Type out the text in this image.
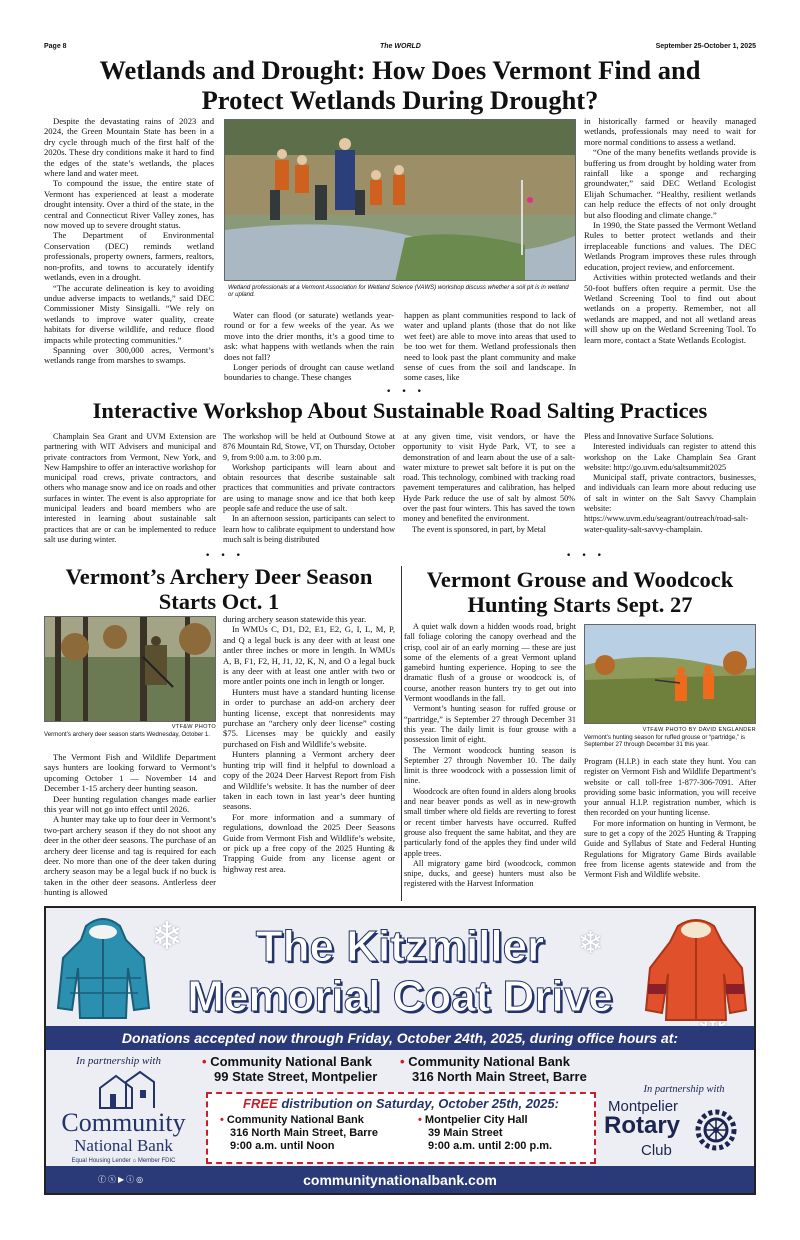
Page 8	The WORLD	September 25-October 1, 2025
Wetlands and Drought: How Does Vermont Find and Protect Wetlands During Drought?

Despite the devastating rains of 2023 and 2024, the Green Mountain State has been in a dry cycle through much of the first half of the 2020s. These dry conditions make it hard to find the edges of the state’s wetlands, the places where land and water meet.

To compound the issue, the entire state of Vermont has experienced at least a moderate drought intensity. Over a third of the state, in the central and Connecticut River Valley zones, has now moved up to severe drought status.

The Department of Environmental Conservation (DEC) reminds wetland professionals, property owners, farmers, realtors, non-profits, and towns to accurately identify wetlands, even in a drought.

“The accurate delineation is key to avoiding undue adverse impacts to wetlands,” said DEC Commissioner Misty Sinsigalli. “We rely on wetlands to improve water quality, create habitats for diverse wildlife, and reduce flood impacts while protecting communities.”

Spanning over 300,000 acres, Vermont’s wetlands range from marshes to swamps.

Wetland professionals at a Vermont Association for Wetland Science (VAWS) workshop discuss whether a soil pit is in wetland or upland.

Water can flood (or saturate) wetlands year-round or for a few weeks of the year. As we move into the drier months, it’s a good time to ask: what happens with wetlands when the rain does not fall?

Longer periods of drought can cause wetland boundaries to change. These changes

happen as plant communities respond to lack of water and upland plants (those that do not like wet feet) are able to move into areas that used to be too wet for them. Wetland professionals then need to look past the plant community and make sense of cues from the soil and landscape. In some cases, like

in historically farmed or heavily managed wetlands, professionals may need to wait for more normal conditions to assess a wetland.

“One of the many benefits wetlands provide is buffering us from drought by holding water from rainfall like a sponge and recharging groundwater,” said DEC Wetland Ecologist Elijah Schumacher. “Healthy, resilient wetlands can help reduce the effects of not only drought but also flooding and climate change.”

In 1990, the State passed the Vermont Wetland Rules to better protect wetlands and their irreplaceable functions and values. The DEC Wetlands Program improves these rules through education, project review, and enforcement.

Activities within protected wetlands and their 50-foot buffers often require a permit. Use the Wetland Screening Tool to find out about wetlands on a property. Remember, not all wetlands are mapped, and not all wetland areas will show up on the Wetland Screening Tool. To learn more, contact a State Wetlands Ecologist.

· · ·
Interactive Workshop About Sustainable Road Salting Practices

Champlain Sea Grant and UVM Extension are partnering with WIT Advisers and municipal and private contractors from Vermont, New York, and New Hampshire to offer an interactive workshop for municipal road crews, private contractors, and others who manage snow and ice on roads and other surfaces in winter. The event is also appropriate for municipal leaders and board members who are interested in learning about sustainable salt practices that are or can be implemented to reduce salt use during winter.

The workshop will be held at Outbound Stowe at 876 Mountain Rd, Stowe, VT, on Thursday, October 9, from 9:00 a.m. to 3:00 p.m.

Workshop participants will learn about and obtain resources that describe sustainable salt practices that communities and private contractors are using to manage snow and ice that both keep people safe and reduce the use of salt.

In an afternoon session, participants can select to learn how to calibrate equipment to understand how much salt is being distributed

at any given time, visit vendors, or have the opportunity to visit Hyde Park, VT, to see a demonstration of and learn about the use of a salt-water mixture to prewet salt before it is put on the road. This technology, combined with tracking road pavement temperatures and calibration, has helped Hyde Park reduce the use of salt by almost 50% over the past four winters. This has saved the town money and benefited the environment.

The event is sponsored, in part, by Metal

Pless and Innovative Surface Solutions.

Interested individuals can register to attend this workshop on the Lake Champlain Sea Grant website: http://go.uvm.edu/saltsummit2025

Municipal staff, private contractors, businesses, and individuals can learn more about reducing use of salt in winter on the Salt Savvy Champlain website: https://www.uvm.edu/seagrant/outreach/road-salt-water-quality-salt-savvy-champlain.

· · ·	· · ·
Vermont’s Archery Deer Season Starts Oct. 1
VTF&W PHOTO
Vermont’s archery deer season starts Wednesday, October 1.

The Vermont Fish and Wildlife Department says hunters are looking forward to Vermont’s upcoming October 1 — November 14 and December 1-15 archery deer hunting season.

Deer hunting regulation changes made earlier this year will not go into effect until 2026.

A hunter may take up to four deer in Vermont’s two-part archery season if they do not shoot any deer in the other deer seasons. The purchase of an archery deer license and tag is required for each deer. No more than one of the deer taken during archery season may be a legal buck if no buck is taken in the other deer seasons. Antlerless deer hunting is allowed

during archery season statewide this year.

In WMUs C, D1, D2, E1, E2, G, I, L, M, P, and Q a legal buck is any deer with at least one antler three inches or more in length. In WMUs A, B, F1, F2, H, J1, J2, K, N, and O a legal buck is any deer with at least one antler with two or more antler points one inch in length or longer.

Hunters must have a standard hunting license in order to purchase an add-on archery deer hunting license, except that nonresidents may purchase an “archery only deer license” costing $75. Licenses may be quickly and easily purchased on Fish and Wildlife’s website.

Hunters planning a Vermont archery deer hunting trip will find it helpful to download a copy of the 2024 Deer Harvest Report from Fish and Wildlife’s website. It has the number of deer taken in each town in last year’s deer hunting seasons.

For more information and a summary of regulations, download the 2025 Deer Seasons Guide from Vermont Fish and Wildlife’s website, or pick up a free copy of the 2025 Hunting & Trapping Guide from any license agent or highway rest area.

Vermont Grouse and Woodcock Hunting Starts Sept. 27

A quiet walk down a hidden woods road, bright fall foliage coloring the canopy overhead and the crisp, cool air of an early morning — these are just some of the elements of a great Vermont upland gamebird hunting experience. Hoping to see the dramatic flush of a grouse or woodcock is, of course, another reason hunters try to get out into Vermont woodlands in the fall.

Vermont’s hunting season for ruffed grouse or “partridge,” is September 27 through December 31 this year. The daily limit is four grouse with a possession limit of eight.

The Vermont woodcock hunting season is September 27 through November 10. The daily limit is three woodcock with a possession limit of nine.

Woodcock are often found in alders along brooks and near beaver ponds as well as in new-growth small timber where old fields are reverting to forest or recent timber harvests have occurred. Ruffed grouse also frequent the same habitat, and they are particularly fond of the apples they find under wild apple trees.

All migratory game bird (woodcock, common snipe, ducks, and geese) hunters must also be registered with the Harvest Information

VTF&W PHOTO BY DAVID ENGLANDER
Vermont’s hunting season for ruffed grouse or “partridge,” is September 27 through December 31 this year.

Program (H.I.P.) in each state they hunt. You can register on Vermont Fish and Wildlife Department’s website or call toll-free 1-877-306-7091. After providing some basic information, you will receive your annual H.I.P. registration number, which is then recorded on your hunting license.

For more information on hunting in Vermont, be sure to get a copy of the 2025 Hunting & Trapping Guide and Syllabus of State and Federal Hunting Regulations for Migratory Game Birds available free from license agents statewide and from the Vermont Fish and Wildlife website.

❄	❄
The Kitzmiller
Memorial Coat Drive
Donations accepted now through Friday, October 24th, 2025, during office hours at:
In partnership with	• Community National Bank
99 State Street, Montpelier
• Community National Bank
316 North Main Street, Barre
Community
National Bank
Equal Housing Lender ⌂ Member FDIC
FREE distribution on Saturday, October 25th, 2025:
• Community National Bank
316 North Main Street, Barre
9:00 a.m. until Noon
• Montpelier City Hall
39 Main Street
9:00 a.m. until 2:00 p.m.
In partnership with
Montpelier
Rotary
Club
communitynationalbank.com
ⓕⓧ▶ⓘ◎
